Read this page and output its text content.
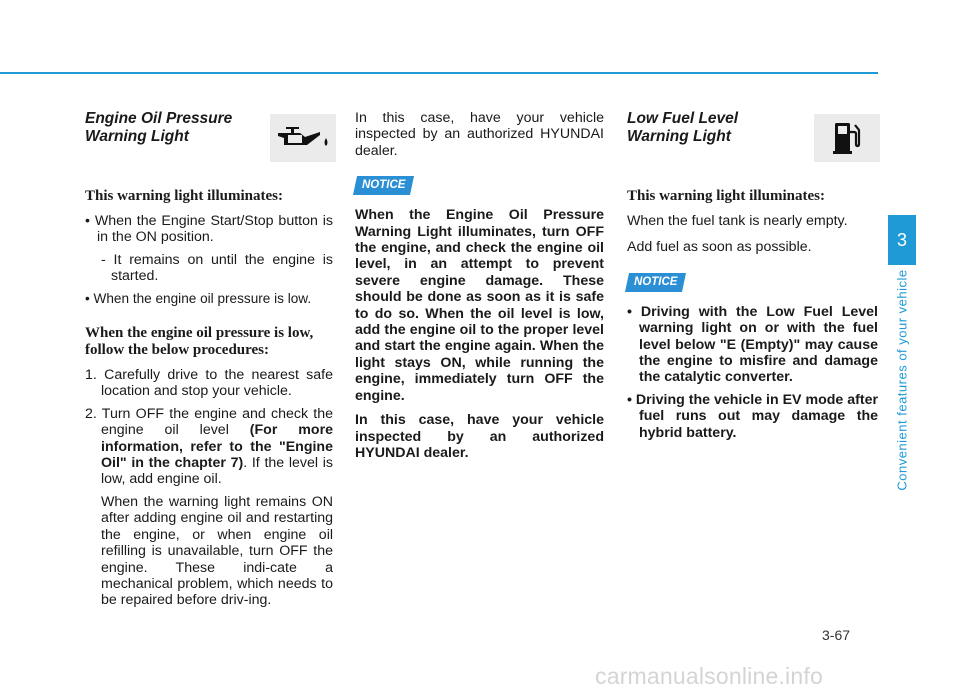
Engine Oil Pressure
Warning Light

This warning light illuminates:

• When the Engine Start/Stop button is in the ON position.

- It remains on until the engine is started.

• When the engine oil pressure is low.

When the engine oil pressure is low, follow the below procedures:

1. Carefully drive to the nearest safe location and stop your vehicle.
2. Turn OFF the engine and check the engine oil level (For more information, refer to the "Engine Oil" in the chapter 7). If the level is low, add engine oil.

When the warning light remains ON after adding engine oil and restarting the engine, or when engine oil refilling is unavailable, turn OFF the engine. These indi-cate a mechanical problem, which needs to be repaired before driv-ing.

In this case, have your vehicle inspected by an authorized HYUNDAI dealer.

NOTICE

When the Engine Oil Pressure Warning Light illuminates, turn OFF the engine, and check the engine oil level, in an attempt to prevent severe engine damage. These should be done as soon as it is safe to do so. When the oil level is low, add the engine oil to the proper level and start the engine again. When the light stays ON, while running the engine, immediately turn OFF the engine.

In this case, have your vehicle inspected by an authorized HYUNDAI dealer.

Low Fuel Level
Warning Light

This warning light illuminates:

When the fuel tank is nearly empty.

Add fuel as soon as possible.

NOTICE
• Driving with the Low Fuel Level warning light on or with the fuel level below "E (Empty)" may cause the engine to misfire and damage the catalytic converter.
• Driving the vehicle in EV mode after fuel runs out may damage the hybrid battery.
3
Convenient features of your vehicle
3-67
carmanualsonline.info
